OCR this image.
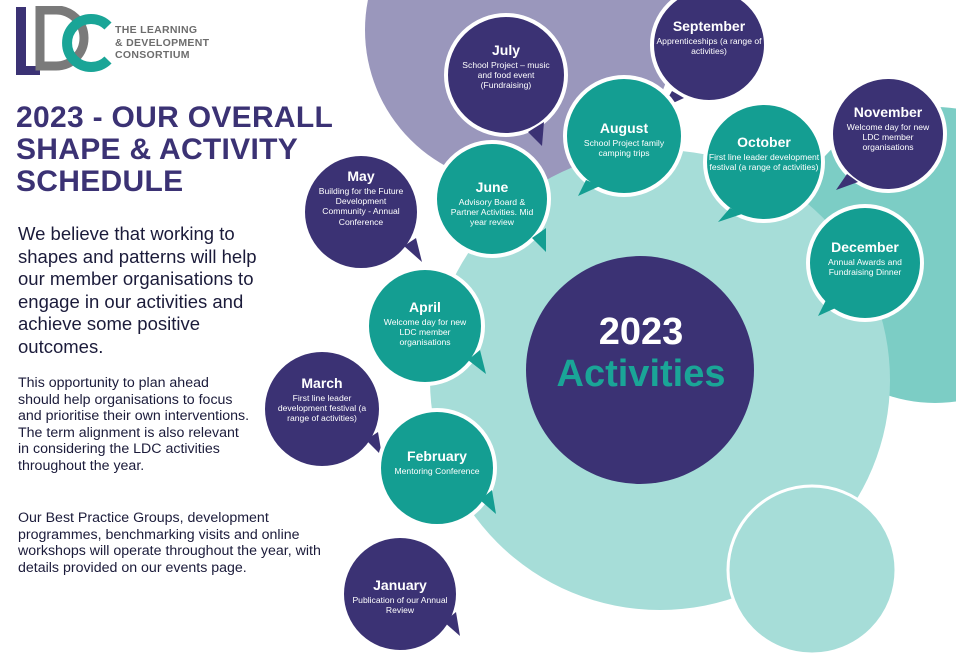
THE LEARNING
& DEVELOPMENT
CONSORTIUM
2023 - OUR OVERALL
SHAPE & ACTIVITY
SCHEDULE
We believe that working to shapes and patterns will help our member organisations to engage in our activities and achieve some positive outcomes.
This opportunity to plan ahead should help organisations to focus and prioritise their own interventions. The term alignment is also relevant in considering the LDC activities throughout the year.
Our Best Practice Groups, development programmes, benchmarking visits and online workshops will operate throughout the year, with details provided on our events page.
2023
Activities
September
Apprenticeships (a range of activities)
July
School Project – music and food event (Fundraising)
November
Welcome day for new LDC member organisations
August
School Project family camping trips
October
First line leader development festival (a range of activities)
May
Building for the Future Development Community - Annual Conference
June
Advisory Board & Partner Activities. Mid year review
December
Annual Awards and Fundraising Dinner
April
Welcome day for new LDC member organisations
March
First line leader development festival (a range of activities)
February
Mentoring Conference
January
Publication of our Annual Review
